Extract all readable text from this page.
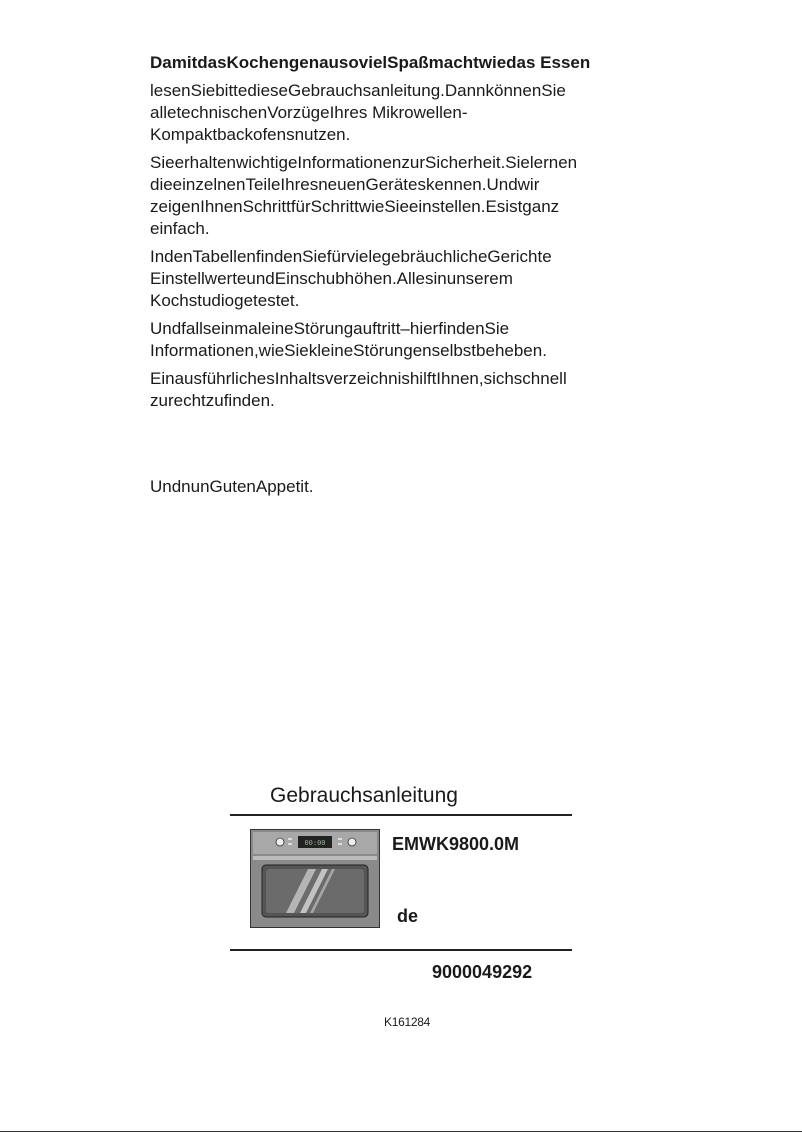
DamitdasKochengenausovielSpaßmachtwiedas Essen

lesenSiebittedieseGebrauchsanleitung.DannkönnenSie alletechnischenVorzügeIhres Mikrowellen-Kompaktbackofensnutzen.

SieerhaltenwichtigeInformationenzurSicherheit.Sielernen dieeinzelnenTeileIhresneuenGeräteskennen.Undwir zeigenIhnenSchrittfürSchrittwieSieeinstellen.Esistganz einfach.

IndenTabellenfindenSiefürvielegebräuchlicheGerichte EinstellwerteundEinschubhöhen.Allesinunserem Kochstudiogetestet.

UndfallseinmaleineStörungauftritt–hierfindenSie Informationen,wieSiekleineStörungenselbstbeheben.

EinausführlichesInhaltsverzeichnishilftIhnen,sichschnell zurechtzufinden.

UndnunGutenAppetit.

Gebrauchsanleitung
00:00	EMWK9800.0M
de
9000049292
K161284
